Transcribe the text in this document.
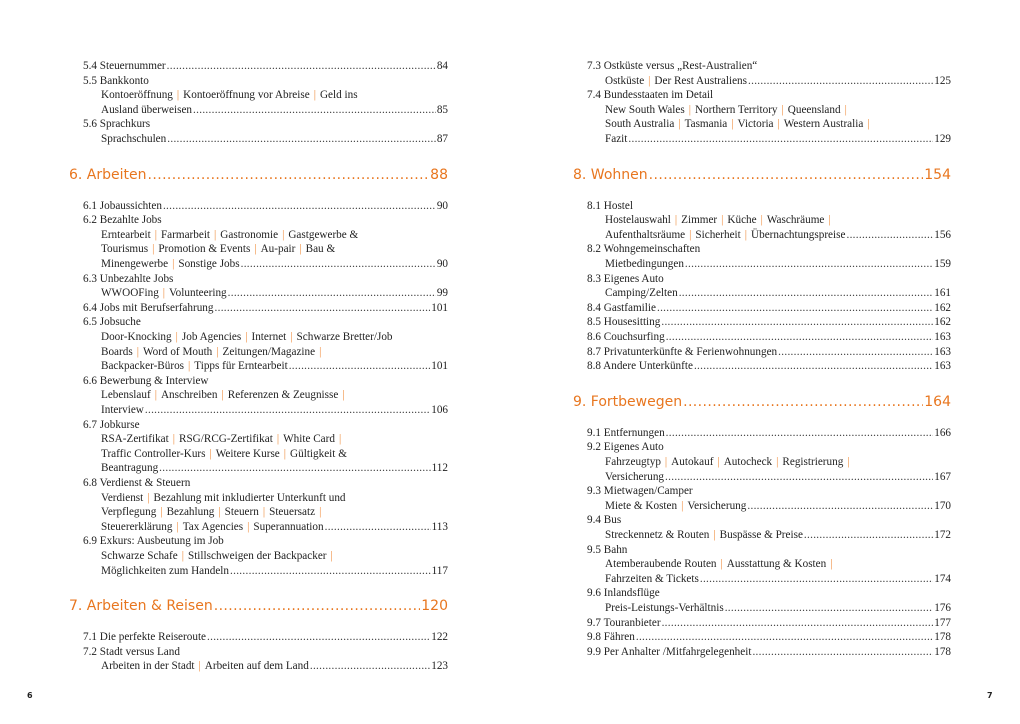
5.4 Steuernummer .....	84
5.5 Bankkonto
Kontoeröffnung | Kontoeröffnung vor Abreise | Geld ins
Ausland überweisen .....	85
5.6 Sprachkurs
Sprachschulen .....	87
6. Arbeiten .....	88
6.1 Jobaussichten .....	90
6.2 Bezahlte Jobs
Erntearbeit | Farmarbeit | Gastronomie | Gastgewerbe &
Tourismus | Promotion & Events | Au-pair | Bau &
Minengewerbe | Sonstige Jobs .....	90
6.3 Unbezahlte Jobs
WWOOFing | Volunteering .....	99
6.4 Jobs mit Berufserfahrung .....	101
6.5 Jobsuche
Door-Knocking | Job Agencies | Internet | Schwarze Bretter/Job
Boards | Word of Mouth | Zeitungen/Magazine |
Backpacker-Büros | Tipps für Erntearbeit .....	101
6.6 Bewerbung & Interview
Lebenslauf | Anschreiben | Referenzen & Zeugnisse |
Interview .....	106
6.7 Jobkurse
RSA-Zertifikat | RSG/RCG-Zertifikat | White Card |
Traffic Controller-Kurs | Weitere Kurse | Gültigkeit &
Beantragung .....	112
6.8 Verdienst & Steuern
Verdienst | Bezahlung mit inkludierter Unterkunft und
Verpflegung | Bezahlung | Steuern | Steuersatz |
Steuererklärung | Tax Agencies | Superannuation .....	113
6.9 Exkurs: Ausbeutung im Job
Schwarze Schafe | Stillschweigen der Backpacker |
Möglichkeiten zum Handeln .....	117
7. Arbeiten & Reisen .....	120
7.1 Die perfekte Reiseroute .....	122
7.2 Stadt versus Land
Arbeiten in der Stadt | Arbeiten auf dem Land .....	123
7.3 Ostküste versus „Rest-Australien“
Ostküste | Der Rest Australiens .....	125
7.4 Bundesstaaten im Detail
New South Wales | Northern Territory | Queensland |
South Australia | Tasmania | Victoria | Western Australia |
Fazit .....	129
8. Wohnen .....	154
8.1 Hostel
Hostelauswahl | Zimmer | Küche | Waschräume |
Aufenthaltsräume | Sicherheit | Übernachtungspreise .....	156
8.2 Wohngemeinschaften
Mietbedingungen .....	159
8.3 Eigenes Auto
Camping/Zelten .....	161
8.4 Gastfamilie .....	162
8.5 Housesitting .....	162
8.6 Couchsurfing .....	163
8.7 Privatunterkünfte & Ferienwohnungen .....	163
8.8 Andere Unterkünfte .....	163
9. Fortbewegen .....	164
9.1 Entfernungen .....	166
9.2 Eigenes Auto
Fahrzeugtyp | Autokauf | Autocheck | Registrierung |
Versicherung .....	167
9.3 Mietwagen/Camper
Miete & Kosten | Versicherung .....	170
9.4 Bus
Streckennetz & Routen | Buspässe & Preise .....	172
9.5 Bahn
Atemberaubende Routen | Ausstattung & Kosten |
Fahrzeiten & Tickets .....	174
9.6 Inlandsflüge
Preis-Leistungs-Verhältnis .....	176
9.7 Touranbieter .....	177
9.8 Fähren .....	178
9.9 Per Anhalter /Mitfahrgelegenheit .....	178
6	7
